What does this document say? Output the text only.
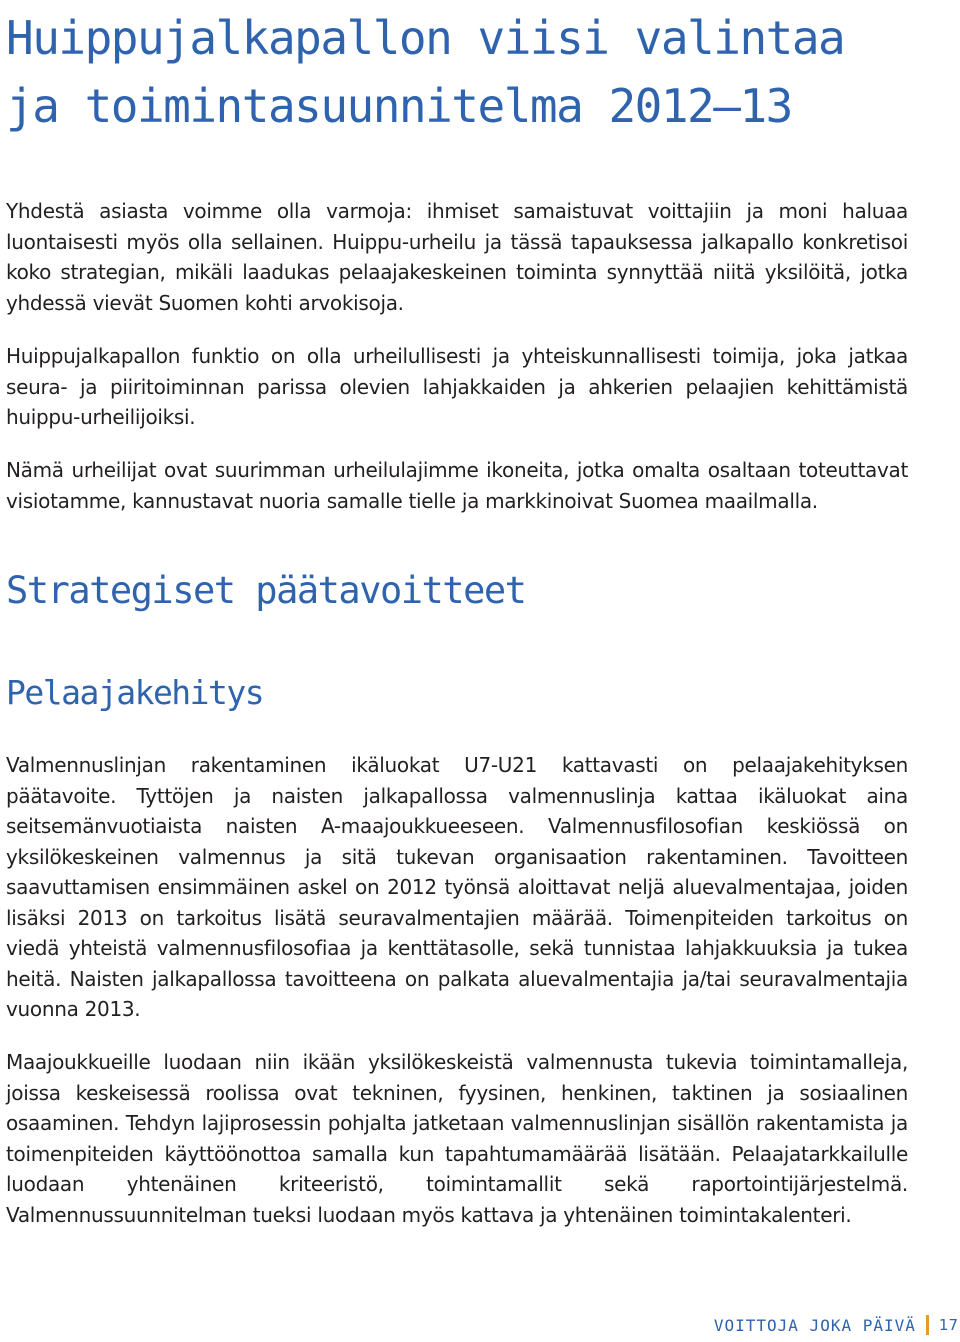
Huippujalkapallon viisi valintaa ja toimintasuunnitelma 2012–13

Yhdestä asiasta voimme olla varmoja: ihmiset samaistuvat voittajiin ja moni haluaa luontaisesti myös olla sellainen. Huippu-urheilu ja tässä tapauksessa jalkapallo konkretisoi koko strategian, mikäli laadukas pelaajakeskeinen toiminta synnyttää niitä yksilöitä, jotka yhdessä vievät Suomen kohti arvokisoja.

Huippujalkapallon funktio on olla urheilullisesti ja yhteiskunnallisesti toimija, joka jatkaa seura- ja piiritoiminnan parissa olevien lahjakkaiden ja ahkerien pelaajien kehittämistä huippu-urheilijoiksi.

Nämä urheilijat ovat suurimman urheilulajimme ikoneita, jotka omalta osaltaan toteuttavat visiotamme, kannustavat nuoria samalle tielle ja markkinoivat Suomea maailmalla.

Strategiset päätavoitteet
Pelaajakehitys

Valmennuslinjan rakentaminen ikäluokat U7-U21 kattavasti on pelaajakehityksen päätavoite. Tyttöjen ja naisten jalkapallossa valmennuslinja kattaa ikäluokat aina seitsemänvuotiaista naisten A-maajoukkueeseen. Valmennusfilosofian keskiössä on yksilökeskeinen valmennus ja sitä tukevan organisaation rakentaminen. Tavoitteen saavuttamisen ensimmäinen askel on 2012 työnsä aloittavat neljä aluevalmentajaa, joiden lisäksi 2013 on tarkoitus lisätä seuravalmentajien määrää. Toimenpiteiden tarkoitus on viedä yhteistä valmennusfilosofiaa ja kenttätasolle, sekä tunnistaa lahjakkuuksia ja tukea heitä. Naisten jalkapallossa tavoitteena on palkata aluevalmentajia ja/tai seuravalmentajia vuonna 2013.

Maajoukkueille luodaan niin ikään yksilökeskeistä valmennusta tukevia toimintamalleja, joissa keskeisessä roolissa ovat tekninen, fyysinen, henkinen, taktinen ja sosiaalinen osaaminen. Tehdyn lajiprosessin pohjalta jatketaan valmennuslinjan sisällön rakentamista ja toimenpiteiden käyttöönottoa samalla kun tapahtumamäärää lisätään. Pelaajatarkkailulle luodaan yhtenäinen kriteeristö, toimintamallit sekä raportointijärjestelmä. Valmennussuunnitelman tueksi luodaan myös kattava ja yhtenäinen toimintakalenteri.

VOITTOJA JOKA PÄIVÄ 17
